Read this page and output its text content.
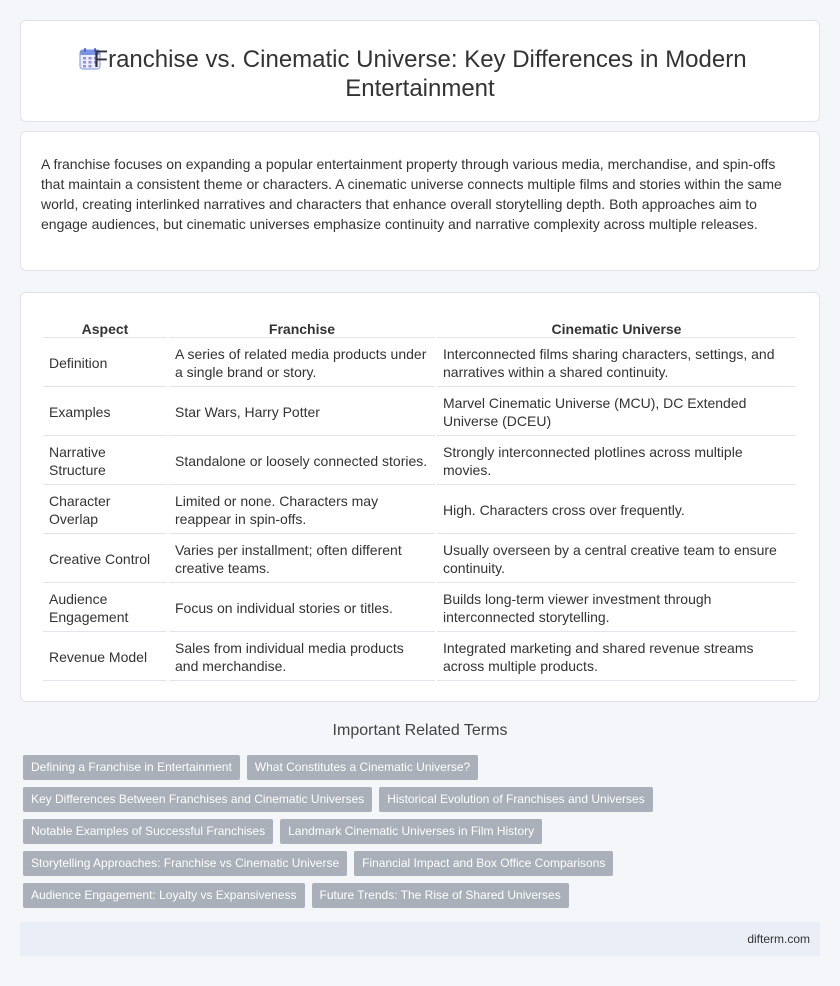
Franchise vs. Cinematic Universe: Key Differences in Modern Entertainment

A franchise focuses on expanding a popular entertainment property through various media, merchandise, and spin-offs that maintain a consistent theme or characters. A cinematic universe connects multiple films and stories within the same world, creating interlinked narratives and characters that enhance overall storytelling depth. Both approaches aim to engage audiences, but cinematic universes emphasize continuity and narrative complexity across multiple releases.

Aspect	Franchise	Cinematic Universe
Definition	A series of related media products under a single brand or story.	Interconnected films sharing characters, settings, and narratives within a shared continuity.
Examples	Star Wars, Harry Potter	Marvel Cinematic Universe (MCU), DC Extended Universe (DCEU)
Narrative Structure	Standalone or loosely connected stories.	Strongly interconnected plotlines across multiple movies.
Character Overlap	Limited or none. Characters may reappear in spin-offs.	High. Characters cross over frequently.
Creative Control	Varies per installment; often different creative teams.	Usually overseen by a central creative team to ensure continuity.
Audience Engagement	Focus on individual stories or titles.	Builds long-term viewer investment through interconnected storytelling.
Revenue Model	Sales from individual media products and merchandise.	Integrated marketing and shared revenue streams across multiple products.
Important Related Terms
Defining a Franchise in Entertainment	What Constitutes a Cinematic Universe?
Key Differences Between Franchises and Cinematic Universes	Historical Evolution of Franchises and Universes
Notable Examples of Successful Franchises	Landmark Cinematic Universes in Film History
Storytelling Approaches: Franchise vs Cinematic Universe	Financial Impact and Box Office Comparisons
Audience Engagement: Loyalty vs Expansiveness	Future Trends: The Rise of Shared Universes
difterm.com
